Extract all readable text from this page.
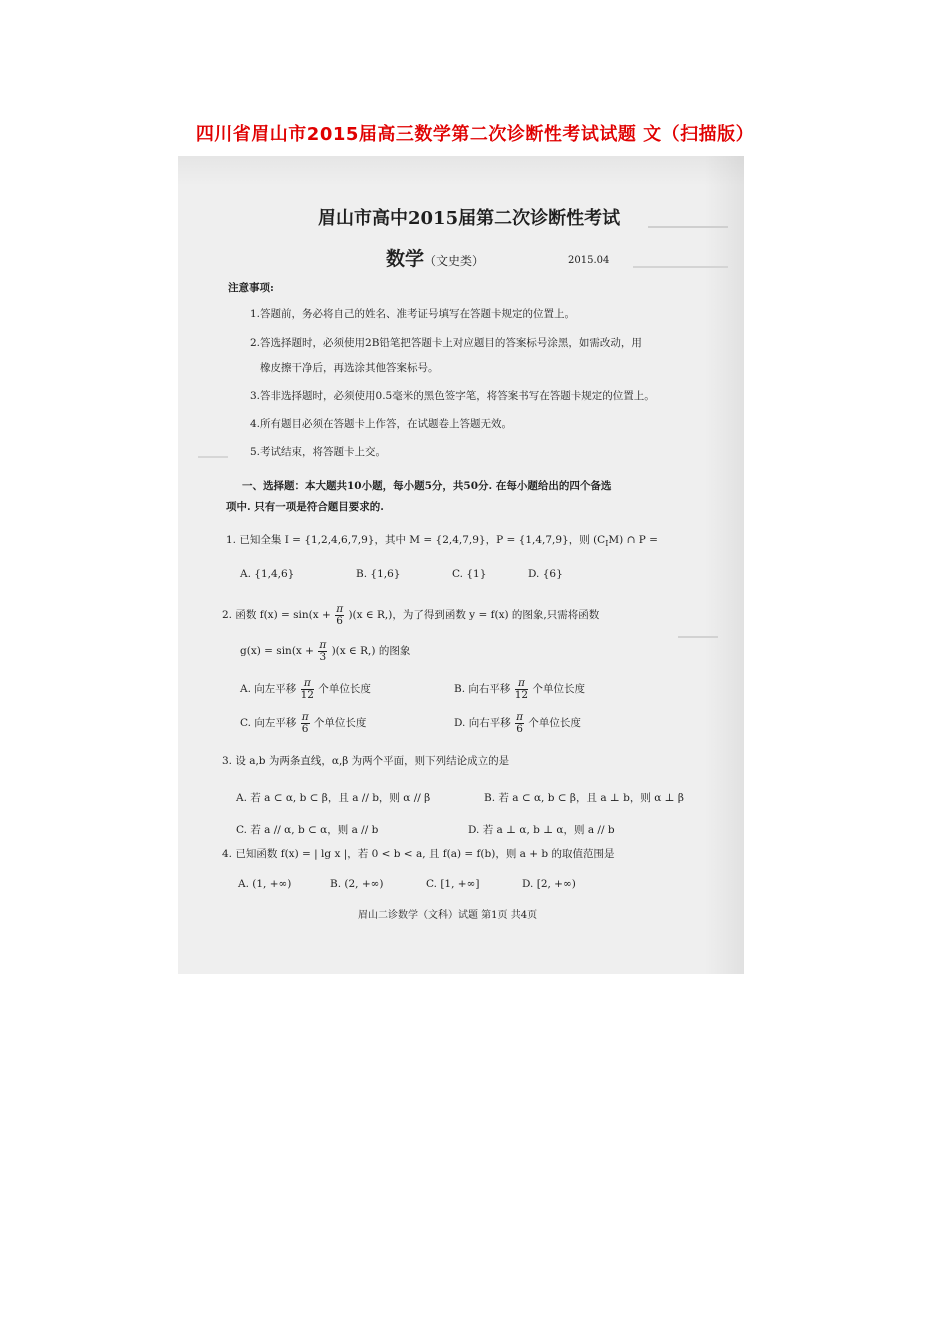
四川省眉山市2015届高三数学第二次诊断性考试试题 文（扫描版）
眉山市高中2015届第二次诊断性考试
数学（文史类）	2015.04
注意事项:
1.答题前，务必将自己的姓名、准考证号填写在答题卡规定的位置上。
2.答选择题时，必须使用2B铅笔把答题卡上对应题目的答案标号涂黑，如需改动，用
橡皮擦干净后，再选涂其他答案标号。
3.答非选择题时，必须使用0.5毫米的黑色签字笔，将答案书写在答题卡规定的位置上。
4.所有题目必须在答题卡上作答，在试题卷上答题无效。
5.考试结束，将答题卡上交。
一、选择题：本大题共10小题，每小题5分，共50分. 在每小题给出的四个备选
项中. 只有一项是符合题目要求的.
1. 已知全集 I = {1,2,4,6,7,9}，其中 M = {2,4,7,9}，P = {1,4,7,9}，则 $(C_IM)$ ∩ P =
A. {1,4,6}	B. {1,6}	C. {1}	D. {6}
2. 函数 $f(x) = \sin(x + \frac{\pi}{6} )(x$ ∈ R,)，为了得到函数 y = f(x) 的图象,只需将函数
$g(x) = \sin(x + \frac{\pi}{3} )(x$ ∈ R,) 的图象
A. 向左平移 $\frac{\pi}{12}$ 个单位长度	B. 向右平移 $\frac{\pi}{12}$ 个单位长度
C. 向左平移 $\frac{\pi}{6}$ 个单位长度	D. 向右平移 $\frac{\pi}{6}$ 个单位长度
3. 设 a,b 为两条直线，α,β 为两个平面，则下列结论成立的是
A. 若 a ⊂ α, b ⊂ β，且 a // b，则 α // β	B. 若 a ⊂ α, b ⊂ β，且 a ⊥ b，则 α ⊥ β
C. 若 a // α, b ⊂ α，则 a // b	D. 若 a ⊥ α, b ⊥ α，则 a // b
4. 已知函数 f(x) = | lg x |，若 0 < b < a, 且 f(a) = f(b)，则 a + b 的取值范围是
A. (1, +∞)	B. (2, +∞)	C. [1, +∞]	D. [2, +∞)
眉山二诊数学（文科）试题 第1页 共4页
